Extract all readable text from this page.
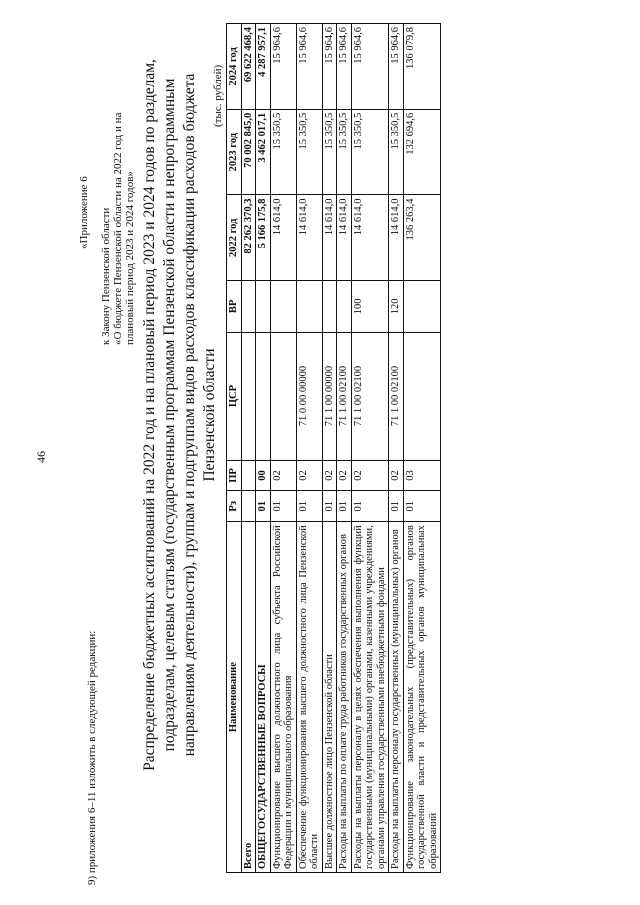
46
9) приложения 6–11 изложить в следующей редакции:
«Приложение 6 к Закону Пензенской области «О бюджете Пензенской области на 2022 год и на плановый период 2023 и 2024 годов» Распределение бюджетных ассигнований на 2022 год и на плановый период 2023 и 2024 годов по разделам, подразделам, целевым статьям (государственным программам Пензенской области и непрограммным направлениям деятельности), группам и подгруппам видов расходов классификации расходов бюджета Пензенской области
(тыс. рублей)
Наименование	Рз	ПР	ЦСР	ВР	2022 год	2023 год	2024 год
Всего					82 262 370,3	70 002 845,0	69 622 468,4
ОБЩЕГОСУДАРСТВЕННЫЕ ВОПРОСЫ	01	00			5 166 175,8	3 462 017,1	4 287 957,1
Функционирование высшего должностного лица субъекта Российской Федерации и муниципального образования	01	02			14 614,0	15 350,5	15 964,6
Обеспечение функционирования высшего должностного лица Пензенской области	01	02	71 0 00 00000		14 614,0	15 350,5	15 964,6
Высшее должностное лицо Пензенской области	01	02	71 1 00 00000		14 614,0	15 350,5	15 964,6
Расходы на выплаты по оплате труда работников государственных органов	01	02	71 1 00 02100		14 614,0	15 350,5	15 964,6
Расходы на выплаты персоналу в целях обеспечения выполнения функций государственными (муниципальными) органами, казенными учреждениями, органами управления государственными внебюджетными фондами	01	02	71 1 00 02100	100	14 614,0	15 350,5	15 964,6
Расходы на выплаты персоналу государственных (муниципальных) органов	01	02	71 1 00 02100	120	14 614,0	15 350,5	15 964,6
Функционирование законодательных (представительных) органов государственной власти и представительных органов муниципальных образований	01	03			136 263,4	132 694,6	136 079,8
